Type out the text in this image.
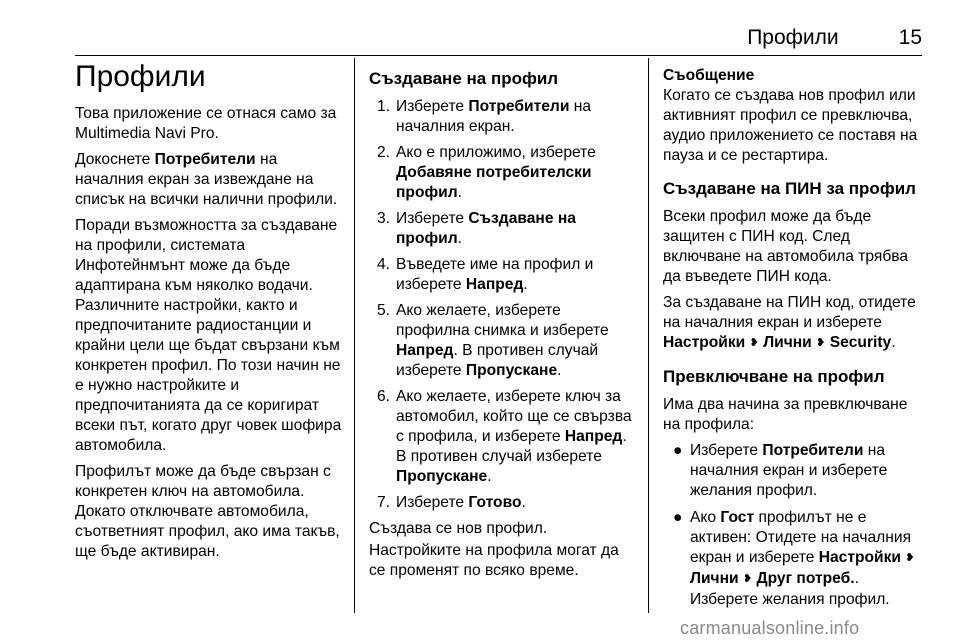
Профили	15
Профили

Това приложение се отнася само за Multimedia Navi Pro.

Докоснете Потребители на началния екран за извеждане на списък на всички налични профили.

Поради възможността за създаване на профили, системата Инфотейнмънт може да бъде адаптирана към няколко водачи. Различните настройки, както и предпочитаните радиостанции и крайни цели ще бъдат свързани към конкретен профил. По този начин не е нужно настройките и предпочитанията да се коригират всеки път, когато друг човек шофира автомобила.

Профилът може да бъде свързан с конкретен ключ на автомобила. Докато отключвате автомобила, съответният профил, ако има такъв, ще бъде активиран.

Създаване на профил
1. Изберете Потребители на началния екран.
2. Ако е приложимо, изберете Добавяне потребителски профил.
3. Изберете Създаване на профил.
4. Въведете име на профил и изберете Напред.
5. Ако желаете, изберете профилна снимка и изберете Напред. В противен случай изберете Пропускане.
6. Ако желаете, изберете ключ за автомобил, който ще се свързва с профила, и изберете Напред. В противен случай изберете Пропускане.
7. Изберете Готово.

Създава се нов профил.

Настройките на профила могат да се променят по всяко време.

Съобщение
Когато се създава нов профил или активният профил се превключва, аудио приложението се поставя на пауза и се рестартира.
Създаване на ПИН за профил

Всеки профил може да бъде защитен с ПИН код. След включване на автомобила трябва да въведете ПИН кода.

За създаване на ПИН код, отидете на началния екран и изберете Настройки ❥ Лични ❥ Security.

Превключване на профил

Има два начина за превключване на профила:

● Изберете Потребители на началния екран и изберете желания профил.
● Ако Гост профилът не е активен: Отидете на началния екран и изберете Настройки ❥
Лични ❥ Друг потреб.. Изберете желания профил.
carmanualsonline.info
